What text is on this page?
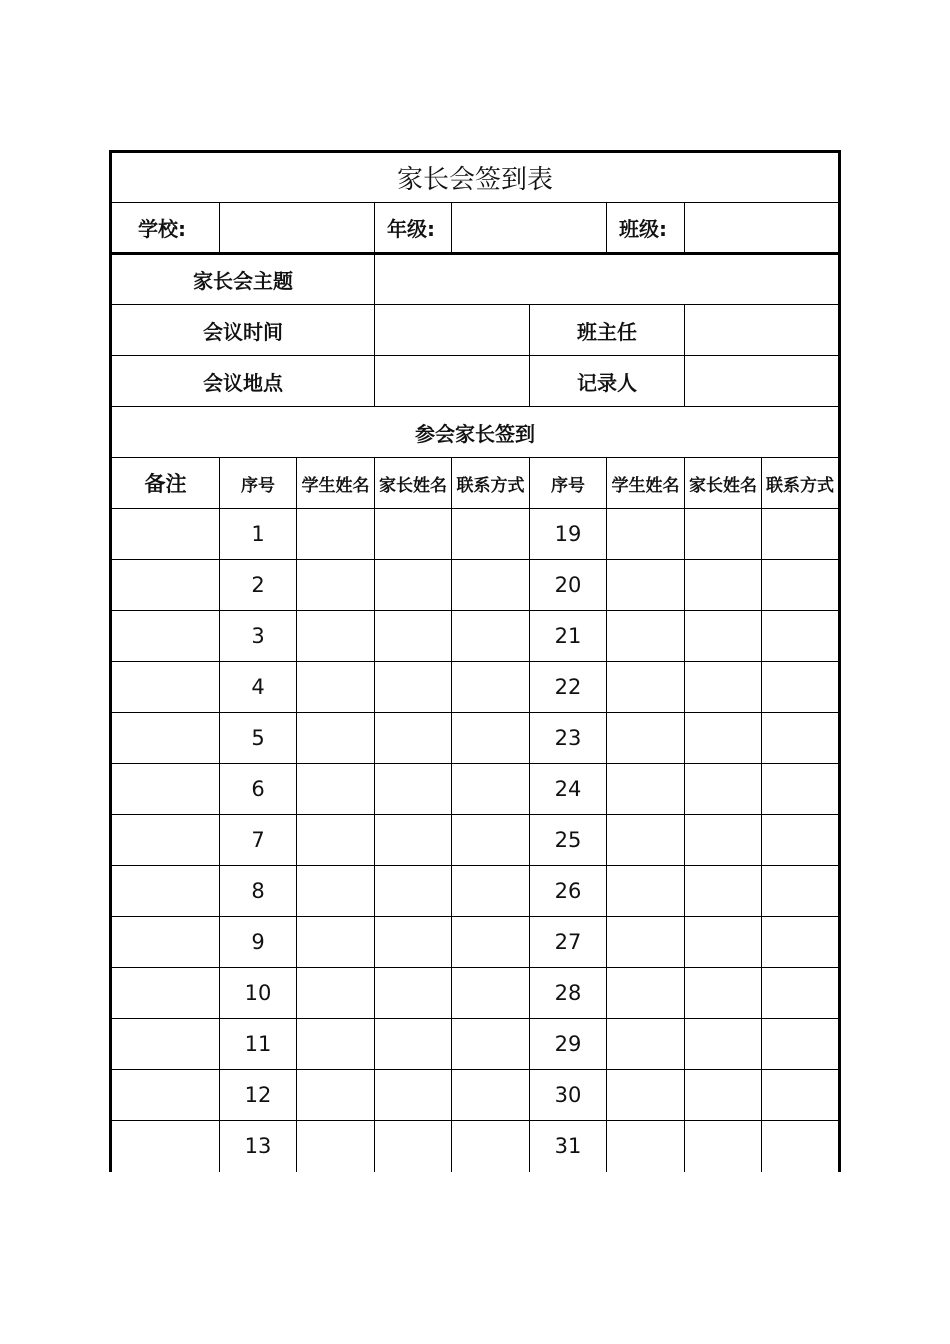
家长会签到表								
学校:			年级:			班级:		
家长会主题								
会议时间					班主任			
会议地点					记录人			
参会家长签到								
备注	序号	学生姓名	家长姓名	联系方式	序号	学生姓名	家长姓名	联系方式
	1				19			
	2				20			
	3				21			
	4				22			
	5				23			
	6				24			
	7				25			
	8				26			
	9				27			
	10				28			
	11				29			
	12				30			
	13				31			
